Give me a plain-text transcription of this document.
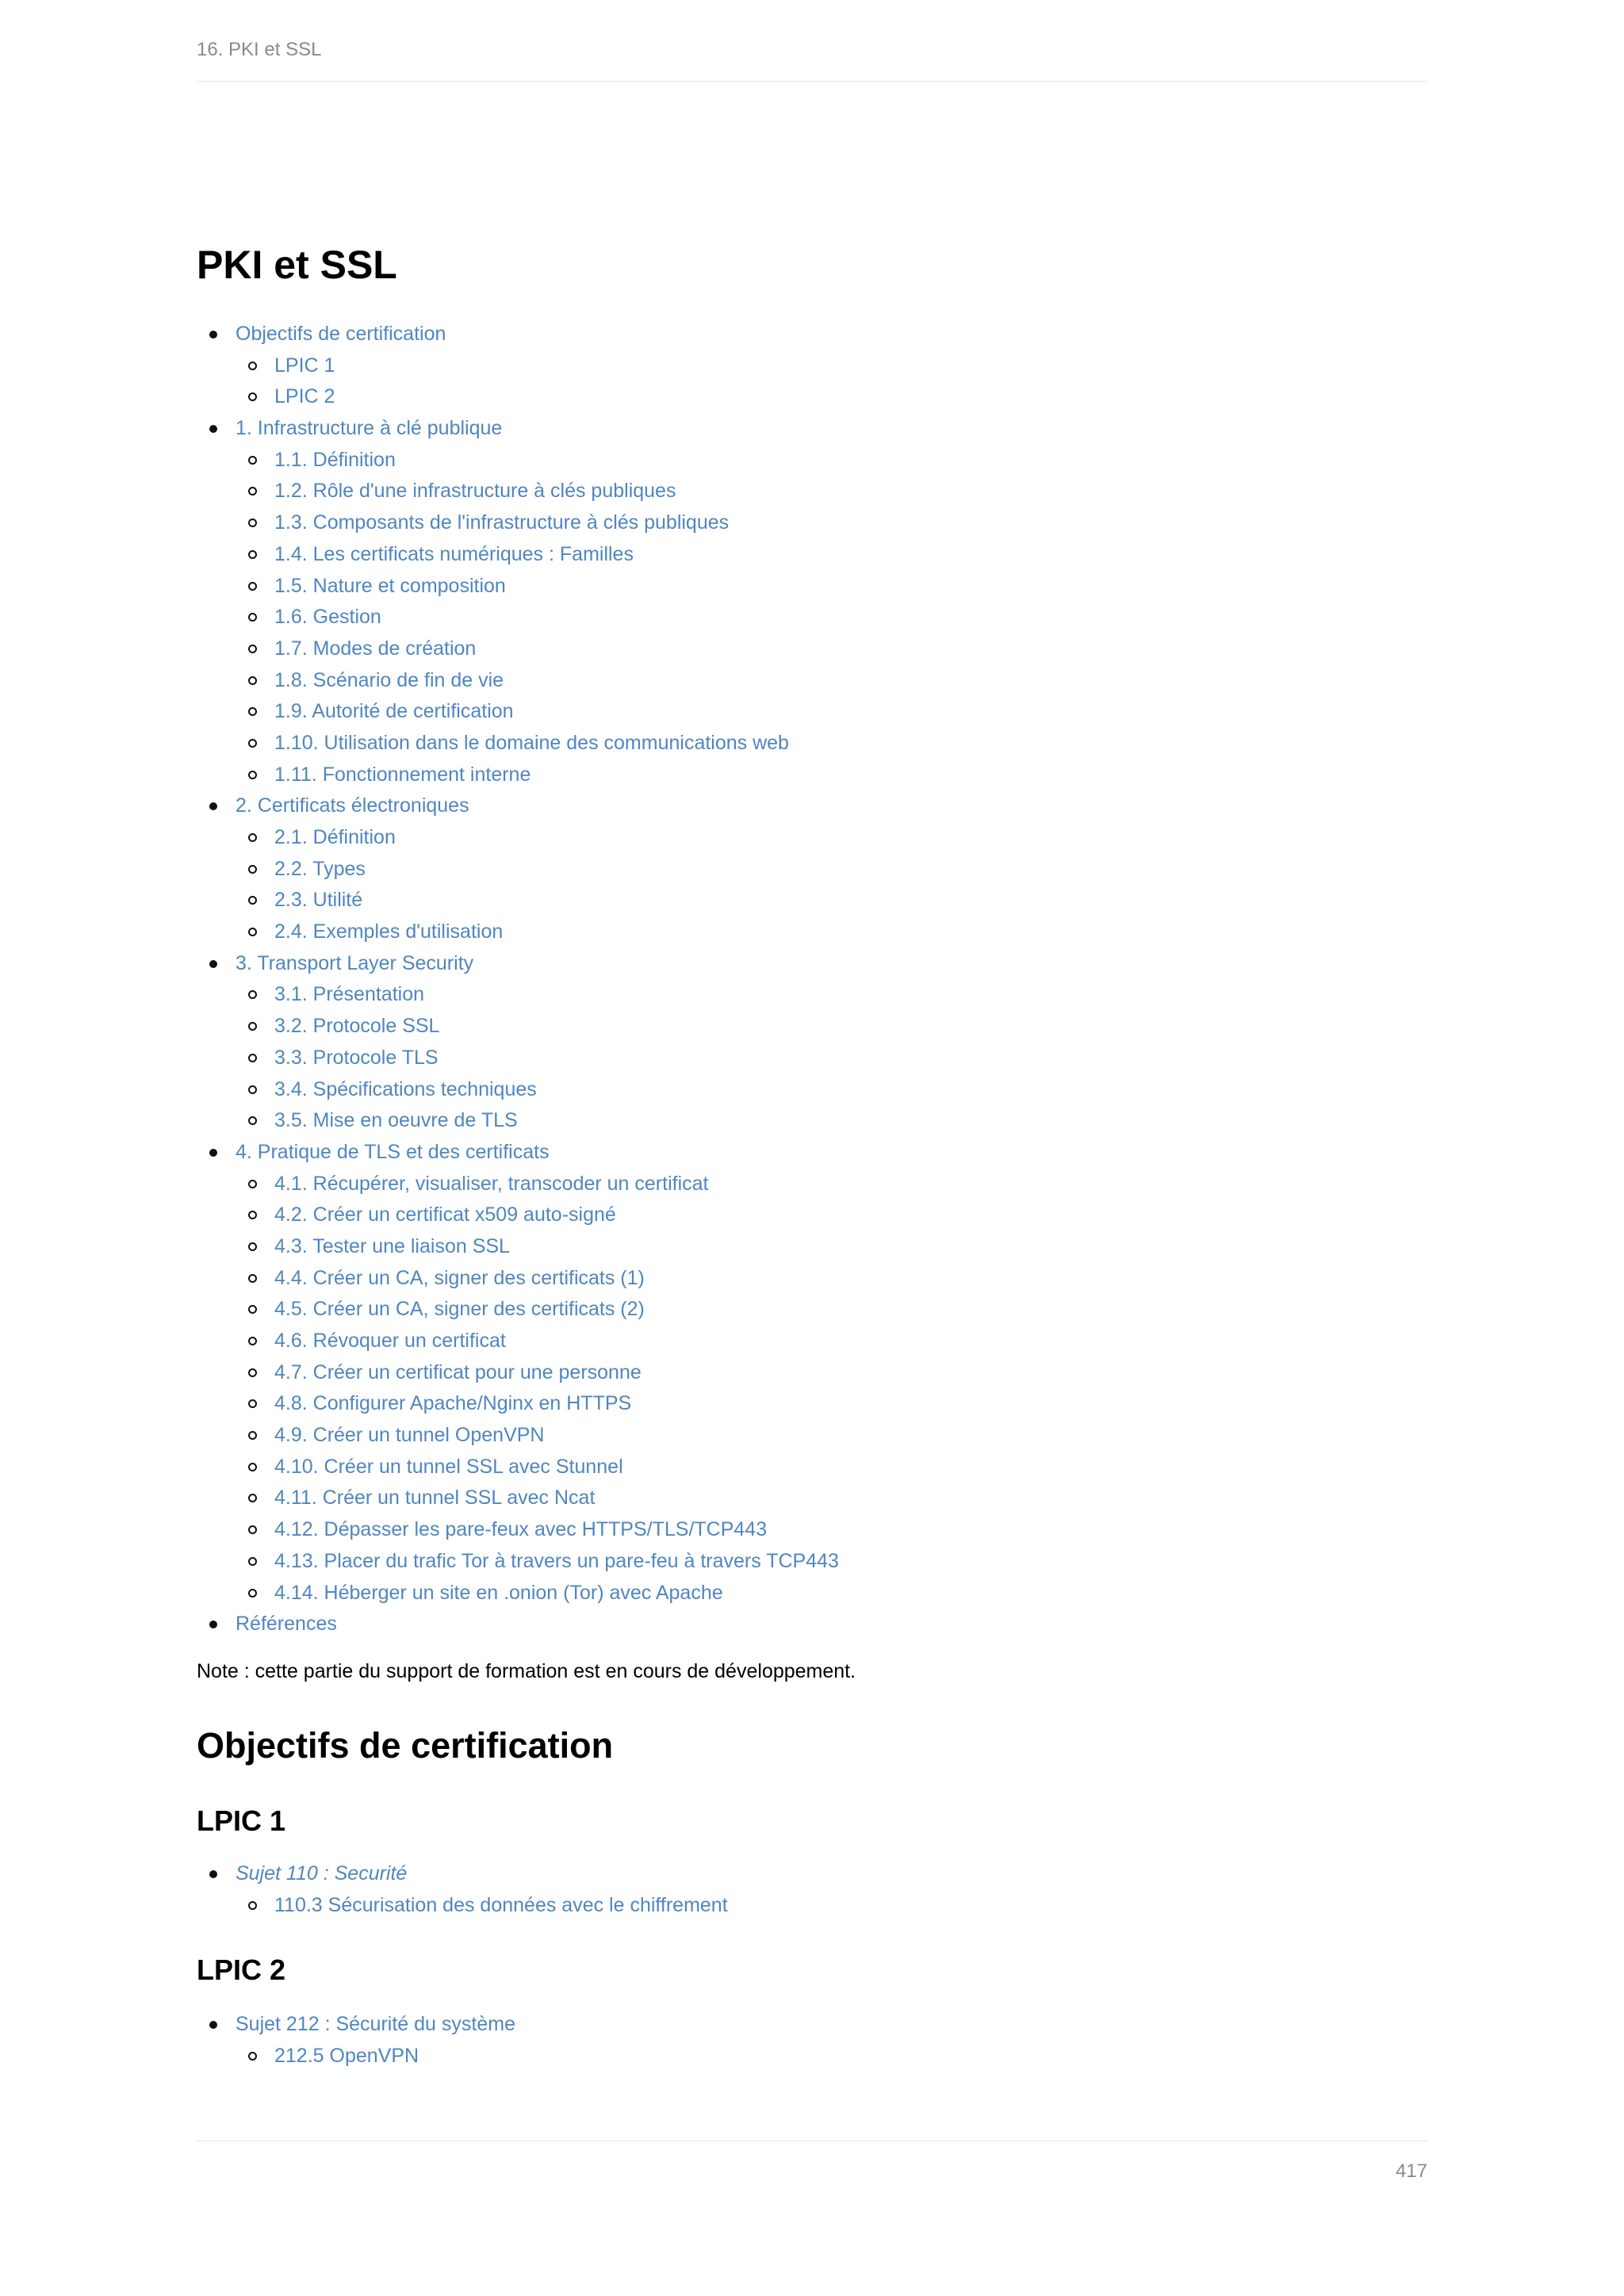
16. PKI et SSL
PKI et SSL
Objectifs de certification
LPIC 1
LPIC 2
1. Infrastructure à clé publique
1.1. Définition
1.2. Rôle d'une infrastructure à clés publiques
1.3. Composants de l'infrastructure à clés publiques
1.4. Les certificats numériques : Familles
1.5. Nature et composition
1.6. Gestion
1.7. Modes de création
1.8. Scénario de fin de vie
1.9. Autorité de certification
1.10. Utilisation dans le domaine des communications web
1.11. Fonctionnement interne
2. Certificats électroniques
2.1. Définition
2.2. Types
2.3. Utilité
2.4. Exemples d'utilisation
3. Transport Layer Security
3.1. Présentation
3.2. Protocole SSL
3.3. Protocole TLS
3.4. Spécifications techniques
3.5. Mise en oeuvre de TLS
4. Pratique de TLS et des certificats
4.1. Récupérer, visualiser, transcoder un certificat
4.2. Créer un certificat x509 auto-signé
4.3. Tester une liaison SSL
4.4. Créer un CA, signer des certificats (1)
4.5. Créer un CA, signer des certificats (2)
4.6. Révoquer un certificat
4.7. Créer un certificat pour une personne
4.8. Configurer Apache/Nginx en HTTPS
4.9. Créer un tunnel OpenVPN
4.10. Créer un tunnel SSL avec Stunnel
4.11. Créer un tunnel SSL avec Ncat
4.12. Dépasser les pare-feux avec HTTPS/TLS/TCP443
4.13. Placer du trafic Tor à travers un pare-feu à travers TCP443
4.14. Héberger un site en .onion (Tor) avec Apache
Références
Note : cette partie du support de formation est en cours de développement.
Objectifs de certification
LPIC 1
Sujet 110 : Securité
110.3 Sécurisation des données avec le chiffrement
LPIC 2
Sujet 212 : Sécurité du système
212.5 OpenVPN
417
